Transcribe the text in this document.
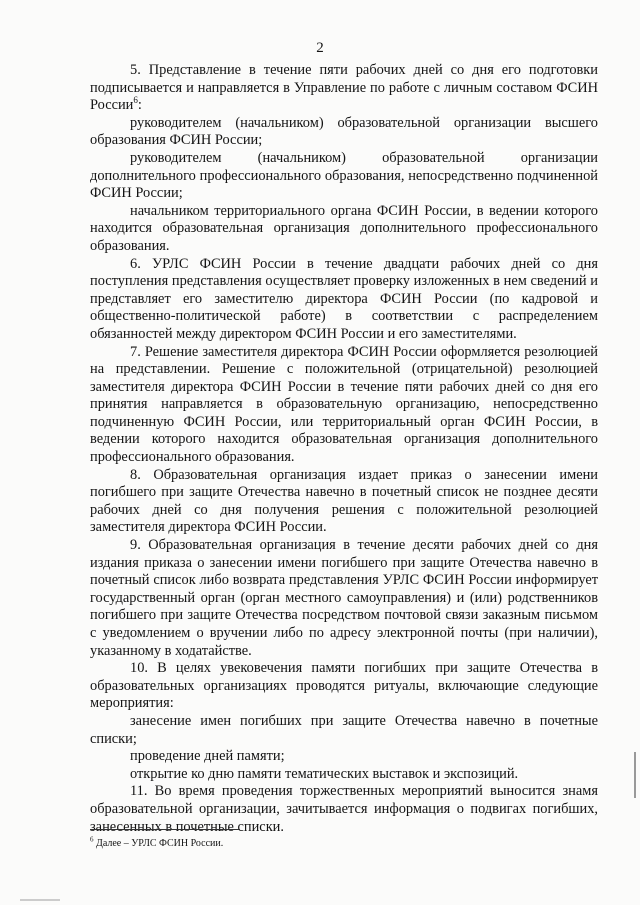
2

5. Представление в течение пяти рабочих дней со дня его подготовки подписывается и направляется в Управление по работе с личным составом ФСИН России$^6$:

руководителем (начальником) образовательной организации высшего образования ФСИН России;

руководителем (начальником) образовательной организации дополнительного профессионального образования, непосредственно подчиненной ФСИН России;

начальником территориального органа ФСИН России, в ведении которого находится образовательная организация дополнительного профессионального образования.

6. УРЛС ФСИН России в течение двадцати рабочих дней со дня поступления представления осуществляет проверку изложенных в нем сведений и представляет его заместителю директора ФСИН России (по кадровой и общественно-политической работе) в соответствии с распределением обязанностей между директором ФСИН России и его заместителями.

7. Решение заместителя директора ФСИН России оформляется резолюцией на представлении. Решение с положительной (отрицательной) резолюцией заместителя директора ФСИН России в течение пяти рабочих дней со дня его принятия направляется в образовательную организацию, непосредственно подчиненную ФСИН России, или территориальный орган ФСИН России, в ведении которого находится образовательная организация дополнительного профессионального образования.

8. Образовательная организация издает приказ о занесении имени погибшего при защите Отечества навечно в почетный список не позднее десяти рабочих дней со дня получения решения с положительной резолюцией заместителя директора ФСИН России.

9. Образовательная организация в течение десяти рабочих дней со дня издания приказа о занесении имени погибшего при защите Отечества навечно в почетный список либо возврата представления УРЛС ФСИН России информирует государственный орган (орган местного самоуправления) и (или) родственников погибшего при защите Отечества посредством почтовой связи заказным письмом с уведомлением о вручении либо по адресу электронной почты (при наличии), указанному в ходатайстве.

10. В целях увековечения памяти погибших при защите Отечества в образовательных организациях проводятся ритуалы, включающие следующие мероприятия:

занесение имен погибших при защите Отечества навечно в почетные списки;

проведение дней памяти;

открытие ко дню памяти тематических выставок и экспозиций.

11. Во время проведения торжественных мероприятий выносится знамя образовательной организации, зачитывается информация о подвигах погибших, занесенных в почетные списки.

$^6$ Далее – УРЛС ФСИН России.
